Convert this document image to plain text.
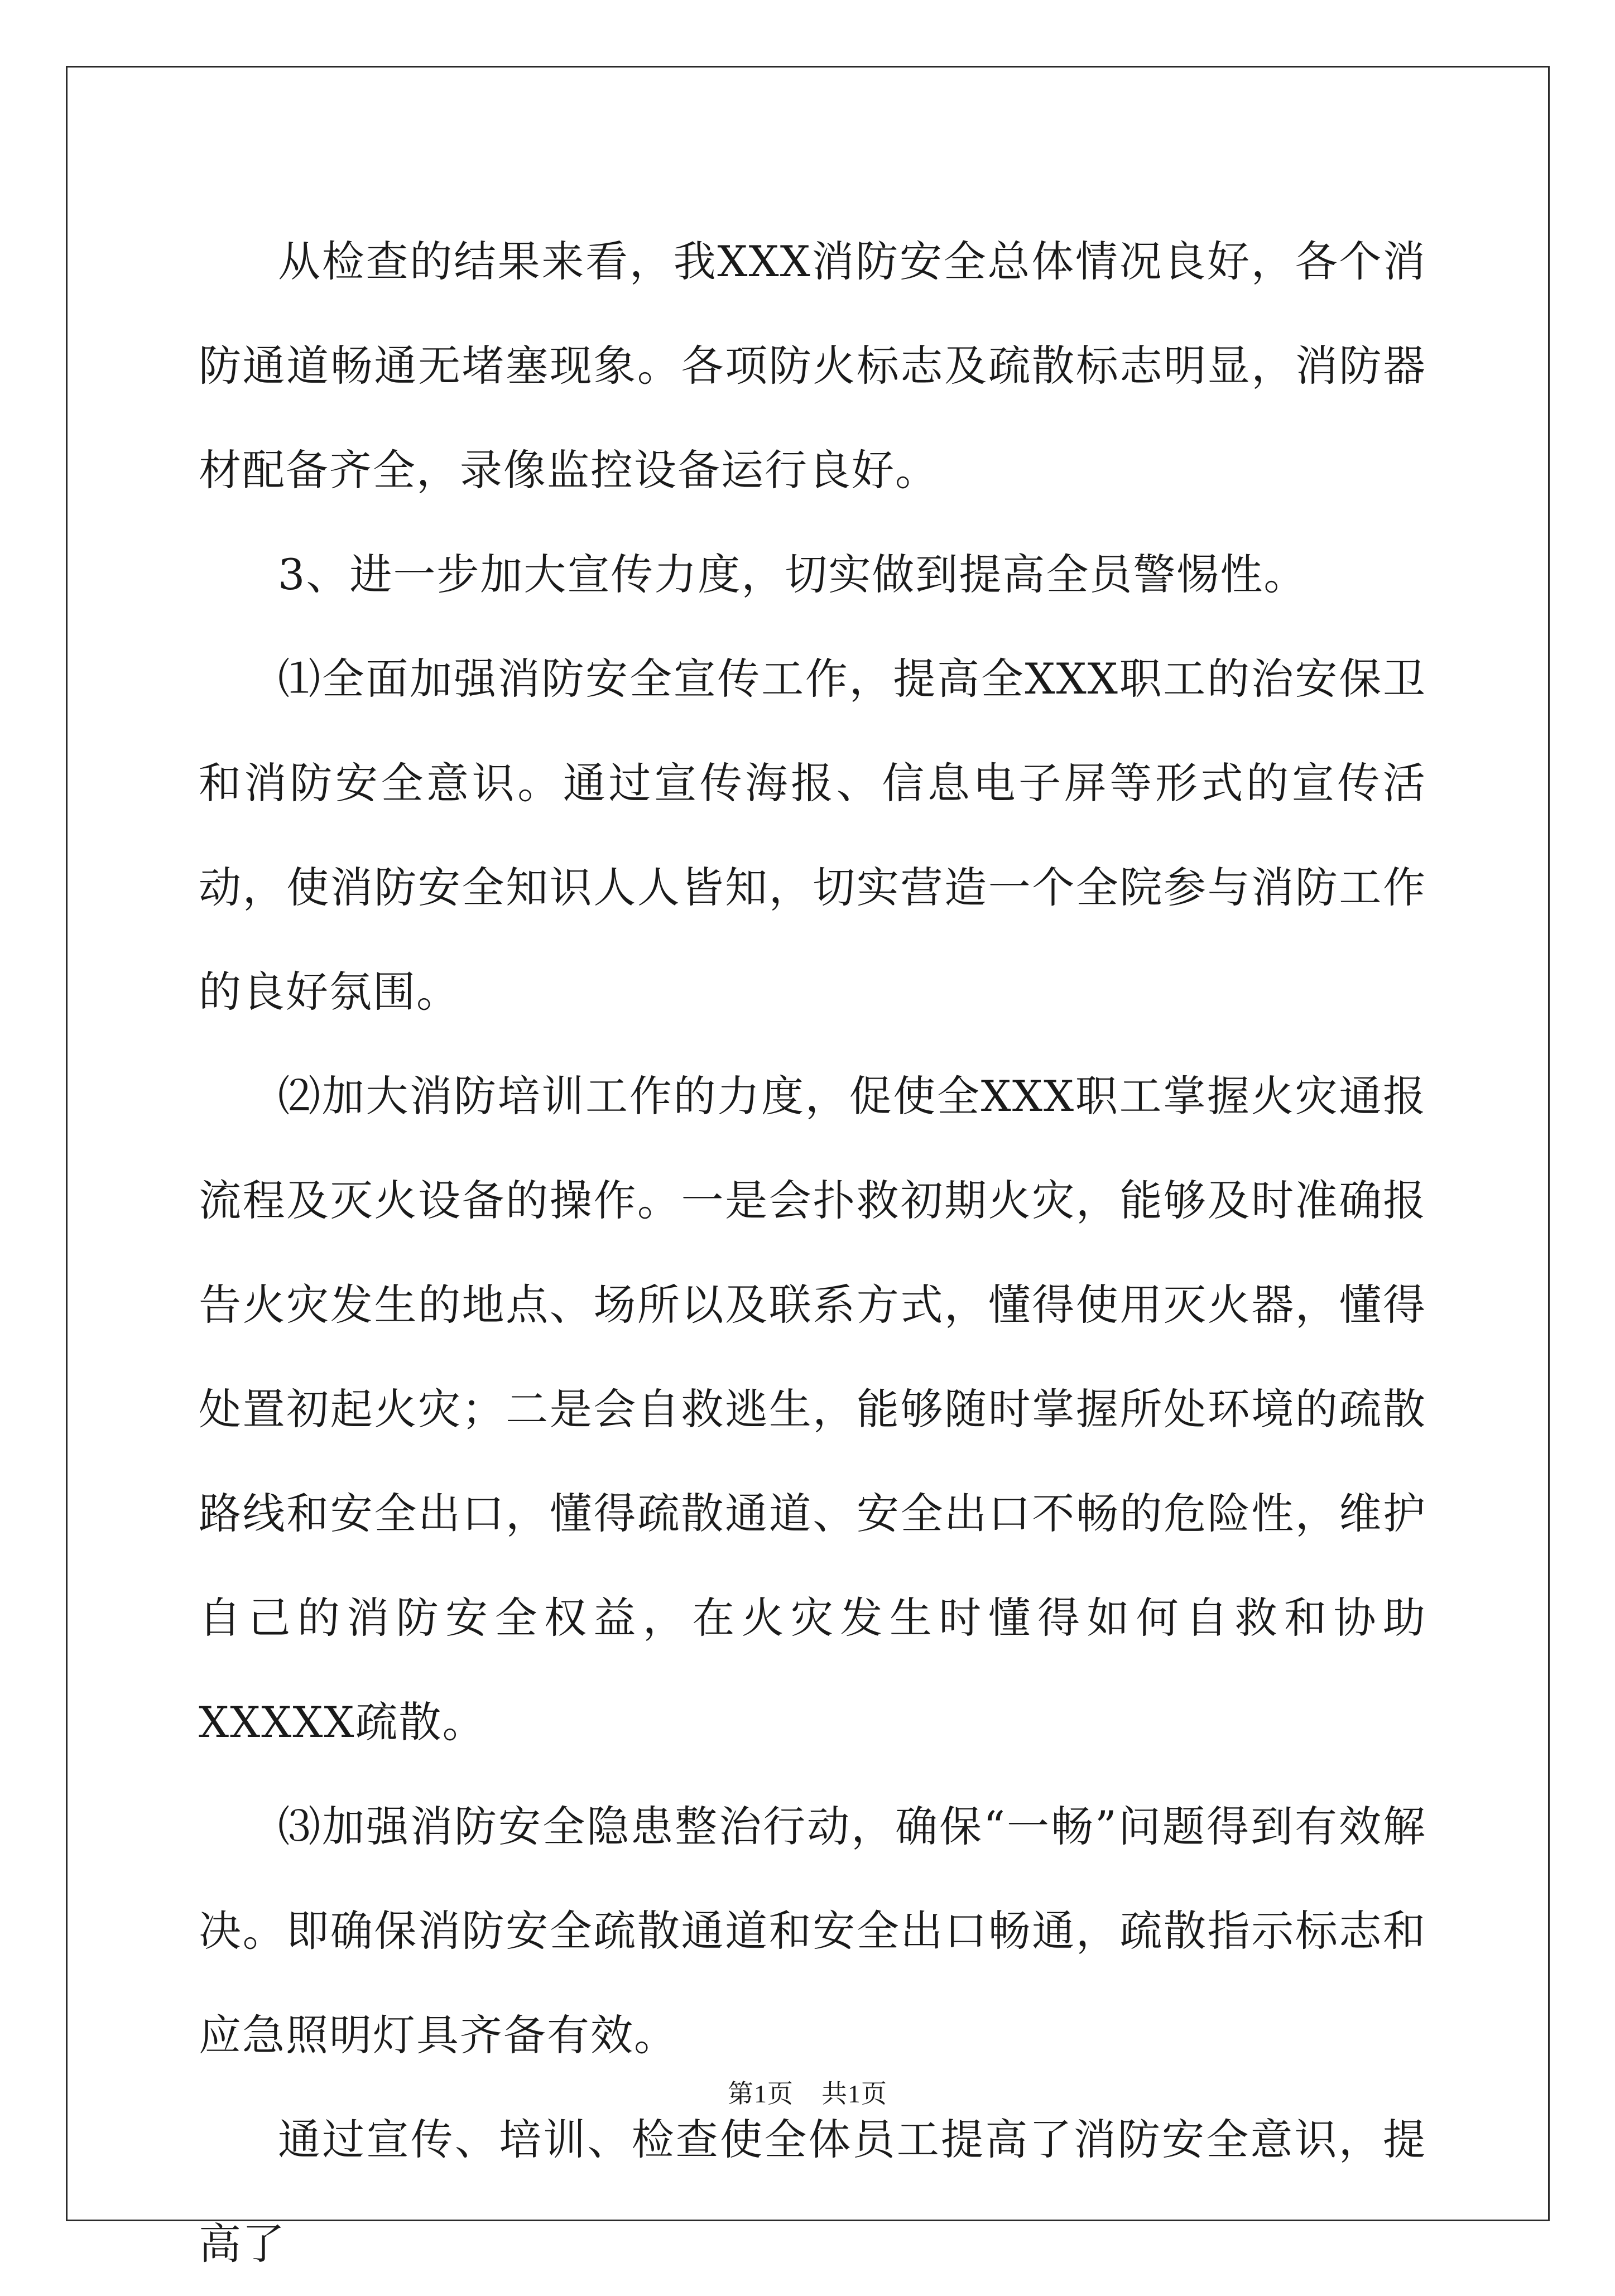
从检查的结果来看，我XXX消防安全总体情况良好，各个消防通道畅通无堵塞现象。各项防火标志及疏散标志明显，消防器材配备齐全，录像监控设备运行良好。

3、进一步加大宣传力度，切实做到提高全员警惕性。

⑴全面加强消防安全宣传工作，提高全XXX职工的治安保卫和消防安全意识。通过宣传海报、信息电子屏等形式的宣传活动，使消防安全知识人人皆知，切实营造一个全院参与消防工作的良好氛围。

⑵加大消防培训工作的力度，促使全XXX职工掌握火灾通报流程及灭火设备的操作。一是会扑救初期火灾，能够及时准确报告火灾发生的地点、场所以及联系方式，懂得使用灭火器，懂得处置初起火灾；二是会自救逃生，能够随时掌握所处环境的疏散路线和安全出口，懂得疏散通道、安全出口不畅的危险性，维护自己的消防安全权益，在火灾发生时懂得如何自救和协助XXXXX疏散。

⑶加强消防安全隐患整治行动，确保“一畅”问题得到有效解决。即确保消防安全疏散通道和安全出口畅通，疏散指示标志和应急照明灯具齐备有效。

通过宣传、培训、检查使全体员工提高了消防安全意识，提高了

第1页 共1页
